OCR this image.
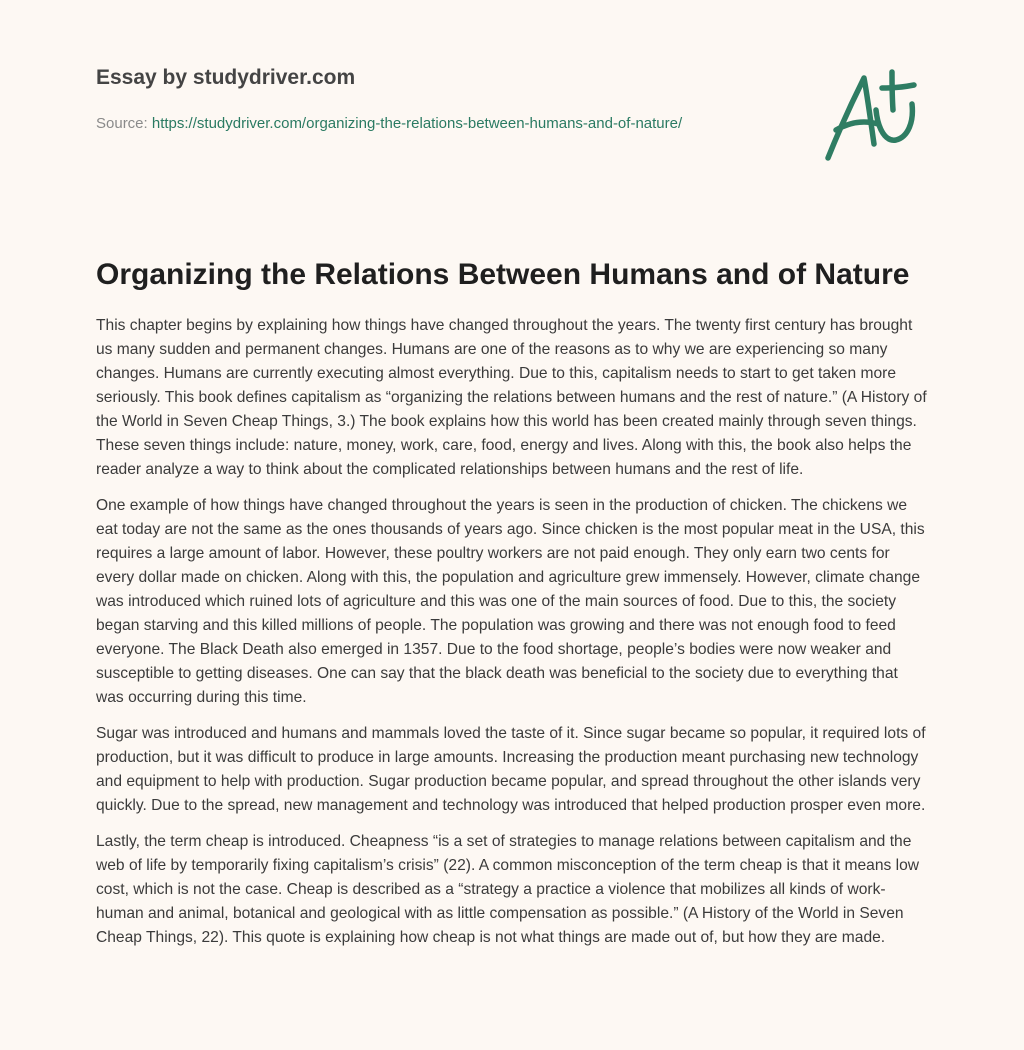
Essay by studydriver.com
Source: https://studydriver.com/organizing-the-relations-between-humans-and-of-nature/
Organizing the Relations Between Humans and of Nature

This chapter begins by explaining how things have changed throughout the years. The twenty first century has brought us many sudden and permanent changes. Humans are one of the reasons as to why we are experiencing so many changes. Humans are currently executing almost everything. Due to this, capitalism needs to start to get taken more seriously. This book defines capitalism as “organizing the relations between humans and the rest of nature.” (A History of the World in Seven Cheap Things, 3.) The book explains how this world has been created mainly through seven things. These seven things include: nature, money, work, care, food, energy and lives. Along with this, the book also helps the reader analyze a way to think about the complicated relationships between humans and the rest of life.

One example of how things have changed throughout the years is seen in the production of chicken. The chickens we eat today are not the same as the ones thousands of years ago. Since chicken is the most popular meat in the USA, this requires a large amount of labor. However, these poultry workers are not paid enough. They only earn two cents for every dollar made on chicken. Along with this, the population and agriculture grew immensely. However, climate change was introduced which ruined lots of agriculture and this was one of the main sources of food. Due to this, the society began starving and this killed millions of people. The population was growing and there was not enough food to feed everyone. The Black Death also emerged in 1357. Due to the food shortage, people’s bodies were now weaker and susceptible to getting diseases. One can say that the black death was beneficial to the society due to everything that was occurring during this time.

Sugar was introduced and humans and mammals loved the taste of it. Since sugar became so popular, it required lots of production, but it was difficult to produce in large amounts. Increasing the production meant purchasing new technology and equipment to help with production. Sugar production became popular, and spread throughout the other islands very quickly. Due to the spread, new management and technology was introduced that helped production prosper even more.

Lastly, the term cheap is introduced. Cheapness “is a set of strategies to manage relations between capitalism and the web of life by temporarily fixing capitalism’s crisis” (22). A common misconception of the term cheap is that it means low cost, which is not the case. Cheap is described as a “strategy a practice a violence that mobilizes all kinds of work- human and animal, botanical and geological with as little compensation as possible.” (A History of the World in Seven Cheap Things, 22). This quote is explaining how cheap is not what things are made out of, but how they are made.
